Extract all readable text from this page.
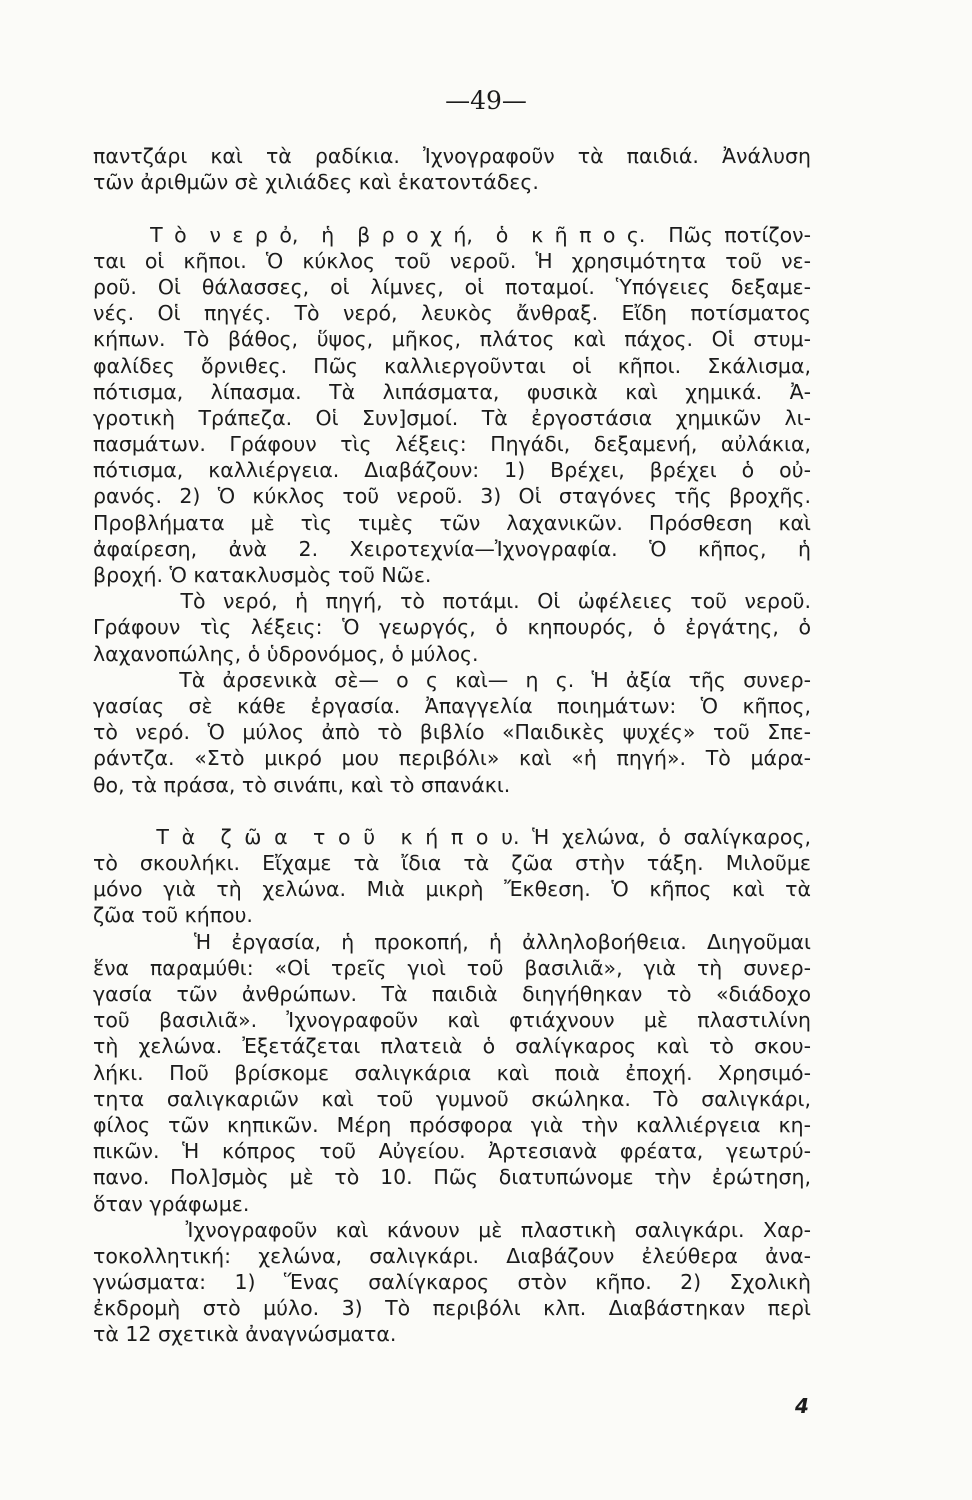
—49—
παντζάρι καὶ τὰ ραδίκια. Ἰχνογραφοῦν τὰ παιδιά. Ἀνάλυση
τῶν ἀριθμῶν σὲ χιλιάδες καὶ ἑκατοντάδες.
Τ ὸ  ν ε ρ ὀ,  ἡ  β ρ ο χ ή,  ὁ  κ ῆ π ο ς.  Πῶς ποτίζον-
ται οἱ κῆποι. Ὁ κύκλος τοῦ νεροῦ. Ἡ χρησιμότητα τοῦ νε-
ροῦ. Οἱ θάλασσες, οἱ λίμνες, οἱ ποταμοί. Ὑπόγειες δεξαμε-
νές. Οἱ πηγές. Τὸ νερό, λευκὸς ἄνθραξ. Εἴδη ποτίσματος
κήπων. Τὸ βάθος, ὕψος, μῆκος, πλάτος καὶ πάχος. Οἱ στυμ-
φαλίδες ὄρνιθες. Πῶς καλλιεργοῦνται οἱ κῆποι. Σκάλισμα,
πότισμα, λίπασμα. Τὰ λιπάσματα, φυσικὰ καὶ χημικά. Ἀ-
γροτικὴ Τράπεζα. Οἱ Συν]σμοί. Τὰ ἐργοστάσια χημικῶν λι-
πασμάτων. Γράφουν τὶς λέξεις: Πηγάδι, δεξαμενή, αὐλάκια,
πότισμα, καλλιέργεια. Διαβάζουν: 1) Βρέχει, βρέχει ὁ οὐ-
ρανός. 2) Ὁ κύκλος τοῦ νεροῦ. 3) Οἱ σταγόνες τῆς βροχῆς.
Προβλήματα μὲ τὶς τιμὲς τῶν λαχανικῶν. Πρόσθεση καὶ
ἀφαίρεση, ἀνὰ 2. Χειροτεχνία—Ἰχνογραφία. Ὁ κῆπος, ἡ
βροχή. Ὁ κατακλυσμὸς τοῦ Νῶε.
Τὸ νερό, ἡ πηγή, τὸ ποτάμι. Οἱ ὠφέλειες τοῦ νεροῦ.
Γράφουν τὶς λέξεις: Ὁ γεωργός, ὁ κηπουρός, ὁ ἐργάτης, ὁ
λαχανοπώλης, ὁ ὑδρονόμος, ὁ μύλος.
Τὰ ἀρσενικὰ σὲ— ο ς καὶ— η ς. Ἡ ἀξία τῆς συνερ-
γασίας σὲ κάθε ἐργασία. Ἀπαγγελία ποιημάτων: Ὁ κῆπος,
τὸ νερό. Ὁ μύλος ἀπὸ τὸ βιβλίο «Παιδικὲς ψυχές» τοῦ Σπε-
ράντζα. «Στὸ μικρό μου περιβόλι» καὶ «ἡ πηγή». Τὸ μάρα-
θο, τὰ πράσα, τὸ σινάπι, καὶ τὸ σπανάκι.
Τ ὰ  ζ ῶ α  τ ο ῦ  κ ή π ο υ. Ἡ χελώνα, ὁ σαλίγκαρος,
τὸ σκουλήκι. Εἴχαμε τὰ ἴδια τὰ ζῶα στὴν τάξη. Μιλοῦμε
μόνο γιὰ τὴ χελώνα. Μιὰ μικρὴ Ἔκθεση. Ὁ κῆπος καὶ τὰ
ζῶα τοῦ κήπου.
Ἡ ἐργασία, ἡ προκοπή, ἡ ἀλληλοβοήθεια. Διηγοῦμαι
ἕνα παραμύθι: «Οἱ τρεῖς γιοὶ τοῦ βασιλιᾶ», γιὰ τὴ συνερ-
γασία τῶν ἀνθρώπων. Τὰ παιδιὰ διηγήθηκαν τὸ «διάδοχο
τοῦ βασιλιᾶ». Ἰχνογραφοῦν καὶ φτιάχνουν μὲ πλαστιλίνη
τὴ χελώνα. Ἐξετάζεται πλατειὰ ὁ σαλίγκαρος καὶ τὸ σκου-
λήκι. Ποῦ βρίσκομε σαλιγκάρια καὶ ποιὰ ἐποχή. Χρησιμό-
τητα σαλιγκαριῶν καὶ τοῦ γυμνοῦ σκώληκα. Τὸ σαλιγκάρι,
φίλος τῶν κηπικῶν. Μέρη πρόσφορα γιὰ τὴν καλλιέργεια κη-
πικῶν. Ἡ κόπρος τοῦ Αὐγείου. Ἀρτεσιανὰ φρέατα, γεωτρύ-
πανο. Πολ]σμὸς μὲ τὸ 10. Πῶς διατυπώνομε τὴν ἐρώτηση,
ὅταν γράφωμε.
Ἰχνογραφοῦν καὶ κάνουν μὲ πλαστικὴ σαλιγκάρι. Χαρ-
τοκολλητική: χελώνα, σαλιγκάρι. Διαβάζουν ἐλεύθερα ἀνα-
γνώσματα: 1) Ἕνας σαλίγκαρος στὸν κῆπο. 2) Σχολικὴ
ἐκδρομὴ στὸ μύλο. 3) Τὸ περιβόλι κλπ. Διαβάστηκαν περὶ
τὰ 12 σχετικὰ ἀναγνώσματα.
4
